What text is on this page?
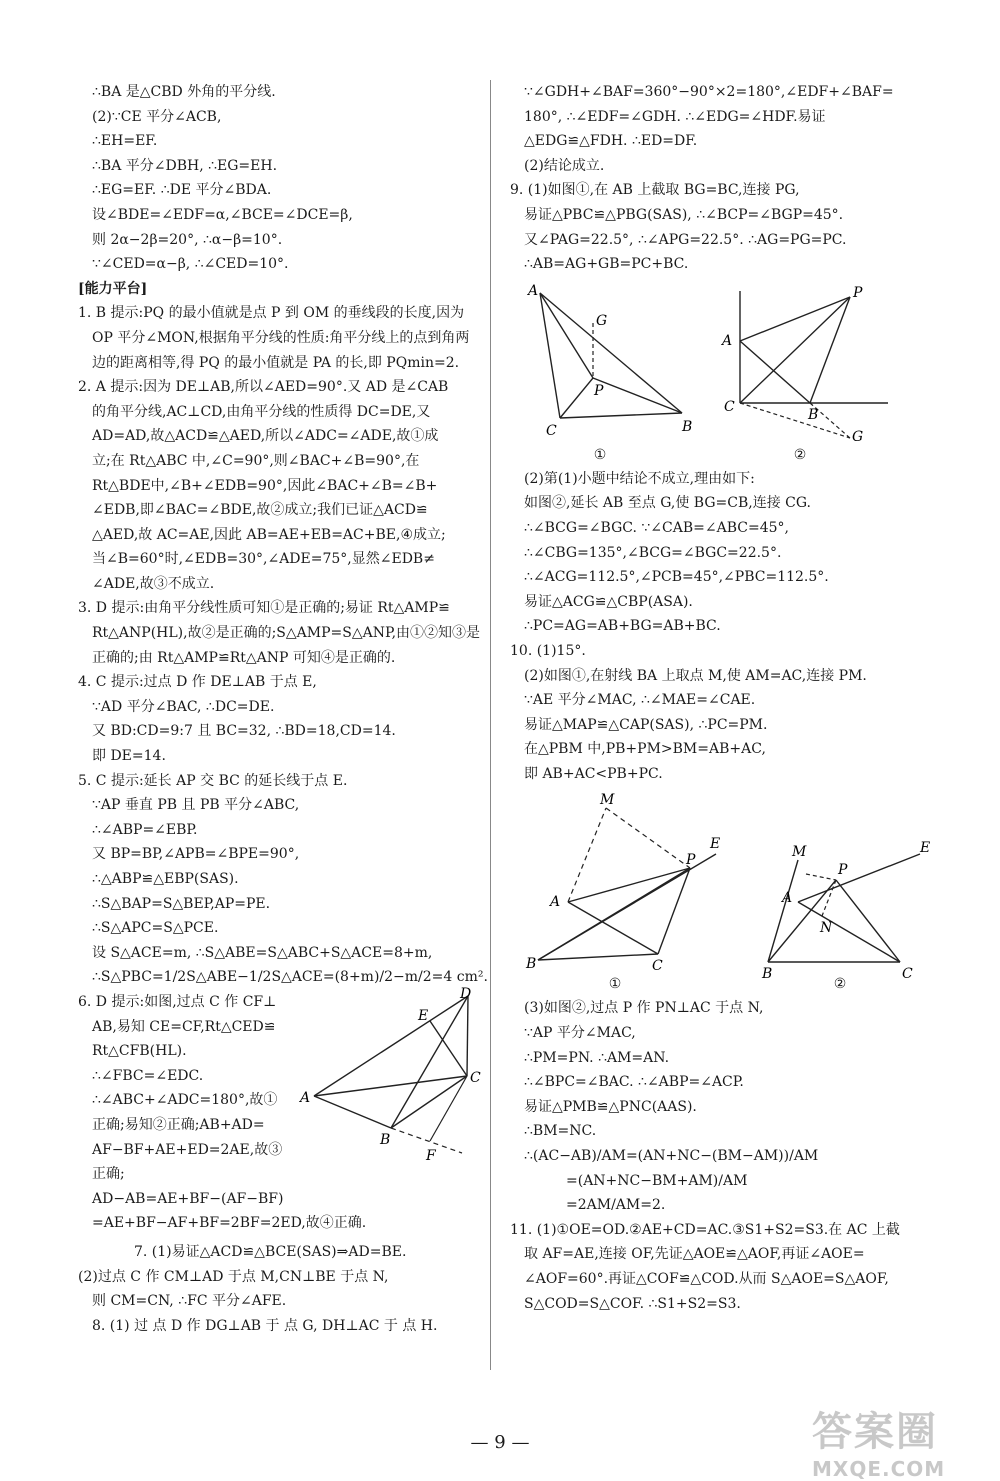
∴BA 是△CBD 外角的平分线.
(2)∵CE 平分∠ACB,
∴EH=EF.
∴BA 平分∠DBH, ∴EG=EH.
∴EG=EF. ∴DE 平分∠BDA.
设∠BDE=∠EDF=α,∠BCE=∠DCE=β,
则 2α−2β=20°, ∴α−β=10°.
∵∠CED=α−β, ∴∠CED=10°.
[能力平台]
1. B 提示:PQ 的最小值就是点 P 到 OM 的垂线段的长度,因为
OP 平分∠MON,根据角平分线的性质:角平分线上的点到角两
边的距离相等,得 PQ 的最小值就是 PA 的长,即 PQmin=2.
2. A 提示:因为 DE⊥AB,所以∠AED=90°.又 AD 是∠CAB
的角平分线,AC⊥CD,由角平分线的性质得 DC=DE,又
AD=AD,故△ACD≌△AED,所以∠ADC=∠ADE,故①成
立;在 Rt△ABC 中,∠C=90°,则∠BAC+∠B=90°,在
Rt△BDE中,∠B+∠EDB=90°,因此∠BAC+∠B=∠B+
∠EDB,即∠BAC=∠BDE,故②成立;我们已证△ACD≌
△AED,故 AC=AE,因此 AB=AE+EB=AC+BE,④成立;
当∠B=60°时,∠EDB=30°,∠ADE=75°,显然∠EDB≠
∠ADE,故③不成立.
3. D 提示:由角平分线性质可知①是正确的;易证 Rt△AMP≌
Rt△ANP(HL),故②是正确的;S△AMP=S△ANP,由①②知③是
正确的;由 Rt△AMP≌Rt△ANP 可知④是正确的.
4. C 提示:过点 D 作 DE⊥AB 于点 E,
∵AD 平分∠BAC, ∴DC=DE.
又 BD:CD=9:7 且 BC=32, ∴BD=18,CD=14.
即 DE=14.
5. C 提示:延长 AP 交 BC 的延长线于点 E.
∵AP 垂直 PB 且 PB 平分∠ABC,
∴∠ABP=∠EBP.
又 BP=BP,∠APB=∠BPE=90°,
∴△ABP≌△EBP(SAS).
∴S△BAP=S△BEP,AP=PE.
∴S△APC=S△PCE.
设 S△ACE=m, ∴S△ABE=S△ABC+S△ACE=8+m,
∴S△PBC=1/2S△ABE−1/2S△ACE=(8+m)/2−m/2=4 cm².
6. D 提示:如图,过点 C 作 CF⊥
AB,易知 CE=CF,Rt△CED≌
Rt△CFB(HL).
∴∠FBC=∠EDC.
∴∠ABC+∠ADC=180°,故①
正确;易知②正确;AB+AD=
AF−BF+AE+ED=2AE,故③
正确;
AD−AB=AE+BF−(AF−BF)
=AE+BF−AF+BF=2BF=2ED,故④正确.
D
E
C
A
B
F
7. (1)易证△ACD≌△BCE(SAS)⇒AD=BE.
(2)过点 C 作 CM⊥AD 于点 M,CN⊥BE 于点 N,
则 CM=CN, ∴FC 平分∠AFE.
8. (1) 过 点 D 作 DG⊥AB 于 点 G, DH⊥AC 于 点 H.
∵∠GDH+∠BAF=360°−90°×2=180°,∠EDF+∠BAF=
180°, ∴∠EDF=∠GDH. ∴∠EDG=∠HDF.易证
△EDG≌△FDH. ∴ED=DF.
(2)结论成立.
9. (1)如图①,在 AB 上截取 BG=BC,连接 PG,
易证△PBC≌△PBG(SAS), ∴∠BCP=∠BGP=45°.
又∠PAG=22.5°, ∴∠APG=22.5°. ∴AG=PG=PC.
∴AB=AG+GB=PC+BC.
A
G
P
C	B
①
P
A
C	B
G
②
(2)第(1)小题中结论不成立,理由如下:
如图②,延长 AB 至点 G,使 BG=CB,连接 CG.
∴∠BCG=∠BGC. ∵∠CAB=∠ABC=45°,
∴∠CBG=135°,∠BCG=∠BGC=22.5°.
∴∠ACG=112.5°,∠PCB=45°,∠PBC=112.5°.
易证△ACG≌△CBP(ASA).
∴PC=AG=AB+BG=AB+BC.
10. (1)15°.
(2)如图①,在射线 BA 上取点 M,使 AM=AC,连接 PM.
∵AE 平分∠MAC, ∴∠MAE=∠CAE.
易证△MAP≌△CAP(SAS), ∴PC=PM.
在△PBM 中,PB+PM>BM=AB+AC,
即 AB+AC<PB+PC.
M
P
E
A
B	C
①
M
P
E
A
N
B	C
②
(3)如图②,过点 P 作 PN⊥AC 于点 N,
∵AP 平分∠MAC,
∴PM=PN. ∴AM=AN.
∴∠BPC=∠BAC. ∴∠ABP=∠ACP.
易证△PMB≌△PNC(AAS).
∴BM=NC.
∴(AC−AB)/AM=(AN+NC−(BM−AM))/AM
=(AN+NC−BM+AM)/AM
=2AM/AM=2.
11. (1)①OE=OD.②AE+CD=AC.③S1+S2=S3.在 AC 上截
取 AF=AE,连接 OF,先证△AOE≌△AOF,再证∠AOE=
∠AOF=60°.再证△COF≌△COD.从而 S△AOE=S△AOF,
S△COD=S△COF. ∴S1+S2=S3.
— 9 —	答案圈
MXQE.COM
